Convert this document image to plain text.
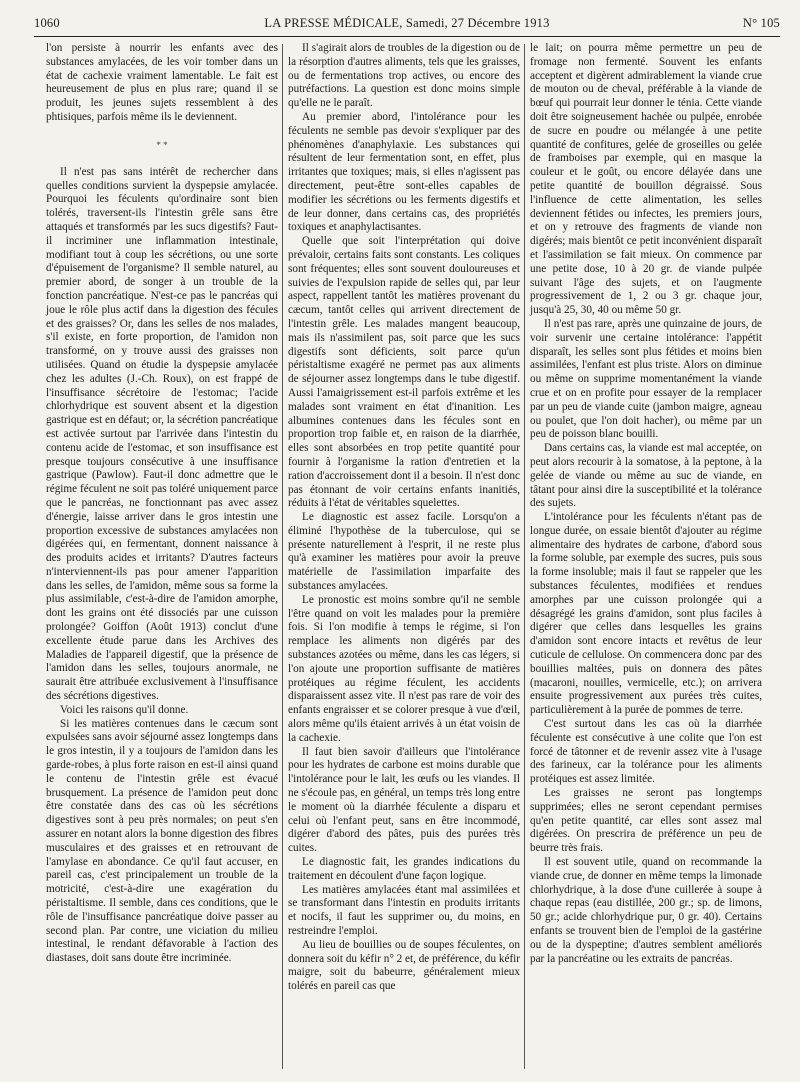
1060	LA PRESSE MÉDICALE, Samedi, 27 Décembre 1913	N° 105

l'on persiste à nourrir les enfants avec des substances amylacées, de les voir tomber dans un état de cachexie vraiment lamentable. Le fait est heureusement de plus en plus rare; quand il se produit, les jeunes sujets ressemblent à des phtisiques, parfois même ils le deviennent.

* *

Il n'est pas sans intérêt de rechercher dans quelles conditions survient la dyspepsie amylacée. Pourquoi les féculents qu'ordinaire sont bien tolérés, traversent-ils l'intestin grêle sans être attaqués et transformés par les sucs digestifs? Faut-il incriminer une inflammation intestinale, modifiant tout à coup les sécrétions, ou une sorte d'épuisement de l'organisme? Il semble naturel, au premier abord, de songer à un trouble de la fonction pancréatique. N'est-ce pas le pancréas qui joue le rôle plus actif dans la digestion des fécules et des graisses? Or, dans les selles de nos malades, s'il existe, en forte proportion, de l'amidon non transformé, on y trouve aussi des graisses non utilisées. Quand on étudie la dyspepsie amylacée chez les adultes (J.-Ch. Roux), on est frappé de l'insuffisance sécrétoire de l'estomac; l'acide chlorhydrique est souvent absent et la digestion gastrique est en défaut; or, la sécrétion pancréatique est activée surtout par l'arrivée dans l'intestin du contenu acide de l'estomac, et son insuffisance est presque toujours consécutive à une insuffisance gastrique (Pawlow). Faut-il donc admettre que le régime féculent ne soit pas toléré uniquement parce que le pancréas, ne fonctionnant pas avec assez d'énergie, laisse arriver dans le gros intestin une proportion excessive de substances amylacées non digérées qui, en fermentant, donnent naissance à des produits acides et irritants? D'autres facteurs n'interviennent-ils pas pour amener l'apparition dans les selles, de l'amidon, même sous sa forme la plus assimilable, c'est-à-dire de l'amidon amorphe, dont les grains ont été dissociés par une cuisson prolongée? Goiffon (Août 1913) conclut d'une excellente étude parue dans les Archives des Maladies de l'appareil digestif, que la présence de l'amidon dans les selles, toujours anormale, ne saurait être attribuée exclusivement à l'insuffisance des sécrétions digestives.

Voici les raisons qu'il donne.

Si les matières contenues dans le cæcum sont expulsées sans avoir séjourné assez longtemps dans le gros intestin, il y a toujours de l'amidon dans les garde-robes, à plus forte raison en est-il ainsi quand le contenu de l'intestin grêle est évacué brusquement. La présence de l'amidon peut donc être constatée dans des cas où les sécrétions digestives sont à peu près normales; on peut s'en assurer en notant alors la bonne digestion des fibres musculaires et des graisses et en retrouvant de l'amylase en abondance. Ce qu'il faut accuser, en pareil cas, c'est principalement un trouble de la motricité, c'est-à-dire une exagération du péristaltisme. Il semble, dans ces conditions, que le rôle de l'insuffisance pancréatique doive passer au second plan. Par contre, une viciation du milieu intestinal, le rendant défavorable à l'action des diastases, doit sans doute être incriminée.

Il s'agirait alors de troubles de la digestion ou de la résorption d'autres aliments, tels que les graisses, ou de fermentations trop actives, ou encore des putréfactions. La question est donc moins simple qu'elle ne le paraît.

Au premier abord, l'intolérance pour les féculents ne semble pas devoir s'expliquer par des phénomènes d'anaphylaxie. Les substances qui résultent de leur fermentation sont, en effet, plus irritantes que toxiques; mais, si elles n'agissent pas directement, peut-être sont-elles capables de modifier les sécrétions ou les ferments digestifs et de leur donner, dans certains cas, des propriétés toxiques et anaphylactisantes.

Quelle que soit l'interprétation qui doive prévaloir, certains faits sont constants. Les coliques sont fréquentes; elles sont souvent douloureuses et suivies de l'expulsion rapide de selles qui, par leur aspect, rappellent tantôt les matières provenant du cæcum, tantôt celles qui arrivent directement de l'intestin grêle. Les malades mangent beaucoup, mais ils n'assimilent pas, soit parce que les sucs digestifs sont déficients, soit parce qu'un péristaltisme exagéré ne permet pas aux aliments de séjourner assez longtemps dans le tube digestif. Aussi l'amaigrissement est-il parfois extrême et les malades sont vraiment en état d'inanition. Les albumines contenues dans les fécules sont en proportion trop faible et, en raison de la diarrhée, elles sont absorbées en trop petite quantité pour fournir à l'organisme la ration d'entretien et la ration d'accroissement dont il a besoin. Il n'est donc pas étonnant de voir certains enfants inanitiés, réduits à l'état de véritables squelettes.

Le diagnostic est assez facile. Lorsqu'on a éliminé l'hypothèse de la tuberculose, qui se présente naturellement à l'esprit, il ne reste plus qu'à examiner les matières pour avoir la preuve matérielle de l'assimilation imparfaite des substances amylacées.

Le pronostic est moins sombre qu'il ne semble l'être quand on voit les malades pour la première fois. Si l'on modifie à temps le régime, si l'on remplace les aliments non digérés par des substances azotées ou même, dans les cas légers, si l'on ajoute une proportion suffisante de matières protéiques au régime féculent, les accidents disparaissent assez vite. Il n'est pas rare de voir des enfants engraisser et se colorer presque à vue d'œil, alors même qu'ils étaient arrivés à un état voisin de la cachexie.

Il faut bien savoir d'ailleurs que l'intolérance pour les hydrates de carbone est moins durable que l'intolérance pour le lait, les œufs ou les viandes. Il ne s'écoule pas, en général, un temps très long entre le moment où la diarrhée féculente a disparu et celui où l'enfant peut, sans en être incommodé, digérer d'abord des pâtes, puis des purées très cuites.

Le diagnostic fait, les grandes indications du traitement en découlent d'une façon logique.

Les matières amylacées étant mal assimilées et se transformant dans l'intestin en produits irritants et nocifs, il faut les supprimer ou, du moins, en restreindre l'emploi.

Au lieu de bouillies ou de soupes féculentes, on donnera soit du kéfir n° 2 et, de préférence, du kéfir maigre, soit du babeurre, généralement mieux tolérés en pareil cas que

le lait; on pourra même permettre un peu de fromage non fermenté. Souvent les enfants acceptent et digèrent admirablement la viande crue de mouton ou de cheval, préférable à la viande de bœuf qui pourrait leur donner le ténia. Cette viande doit être soigneusement hachée ou pulpée, enrobée de sucre en poudre ou mélangée à une petite quantité de confitures, gelée de groseilles ou gelée de framboises par exemple, qui en masque la couleur et le goût, ou encore délayée dans une petite quantité de bouillon dégraissé. Sous l'influence de cette alimentation, les selles deviennent fétides ou infectes, les premiers jours, et on y retrouve des fragments de viande non digérés; mais bientôt ce petit inconvénient disparaît et l'assimilation se fait mieux. On commence par une petite dose, 10 à 20 gr. de viande pulpée suivant l'âge des sujets, et on l'augmente progressivement de 1, 2 ou 3 gr. chaque jour, jusqu'à 25, 30, 40 ou même 50 gr.

Il n'est pas rare, après une quinzaine de jours, de voir survenir une certaine intolérance: l'appétit disparaît, les selles sont plus fétides et moins bien assimilées, l'enfant est plus triste. Alors on diminue ou même on supprime momentanément la viande crue et on en profite pour essayer de la remplacer par un peu de viande cuite (jambon maigre, agneau ou poulet, que l'on doit hacher), ou même par un peu de poisson blanc bouilli.

Dans certains cas, la viande est mal acceptée, on peut alors recourir à la somatose, à la peptone, à la gelée de viande ou même au suc de viande, en tâtant pour ainsi dire la susceptibilité et la tolérance des sujets.

L'intolérance pour les féculents n'étant pas de longue durée, on essaie bientôt d'ajouter au régime alimentaire des hydrates de carbone, d'abord sous la forme soluble, par exemple des sucres, puis sous la forme insoluble; mais il faut se rappeler que les substances féculentes, modifiées et rendues amorphes par une cuisson prolongée qui a désagrégé les grains d'amidon, sont plus faciles à digérer que celles dans lesquelles les grains d'amidon sont encore intacts et revêtus de leur cuticule de cellulose. On commencera donc par des bouillies maltées, puis on donnera des pâtes (macaroni, nouilles, vermicelle, etc.); on arrivera ensuite progressivement aux purées très cuites, particulièrement à la purée de pommes de terre.

C'est surtout dans les cas où la diarrhée féculente est consécutive à une colite que l'on est forcé de tâtonner et de revenir assez vite à l'usage des farineux, car la tolérance pour les aliments protéiques est assez limitée.

Les graisses ne seront pas longtemps supprimées; elles ne seront cependant permises qu'en petite quantité, car elles sont assez mal digérées. On prescrira de préférence un peu de beurre très frais.

Il est souvent utile, quand on recommande la viande crue, de donner en même temps la limonade chlorhydrique, à la dose d'une cuillerée à soupe à chaque repas (eau distillée, 200 gr.; sp. de limons, 50 gr.; acide chlorhydrique pur, 0 gr. 40). Certains enfants se trouvent bien de l'emploi de la gastérine ou de la dyspeptine; d'autres semblent améliorés par la pancréatine ou les extraits de pancréas.
